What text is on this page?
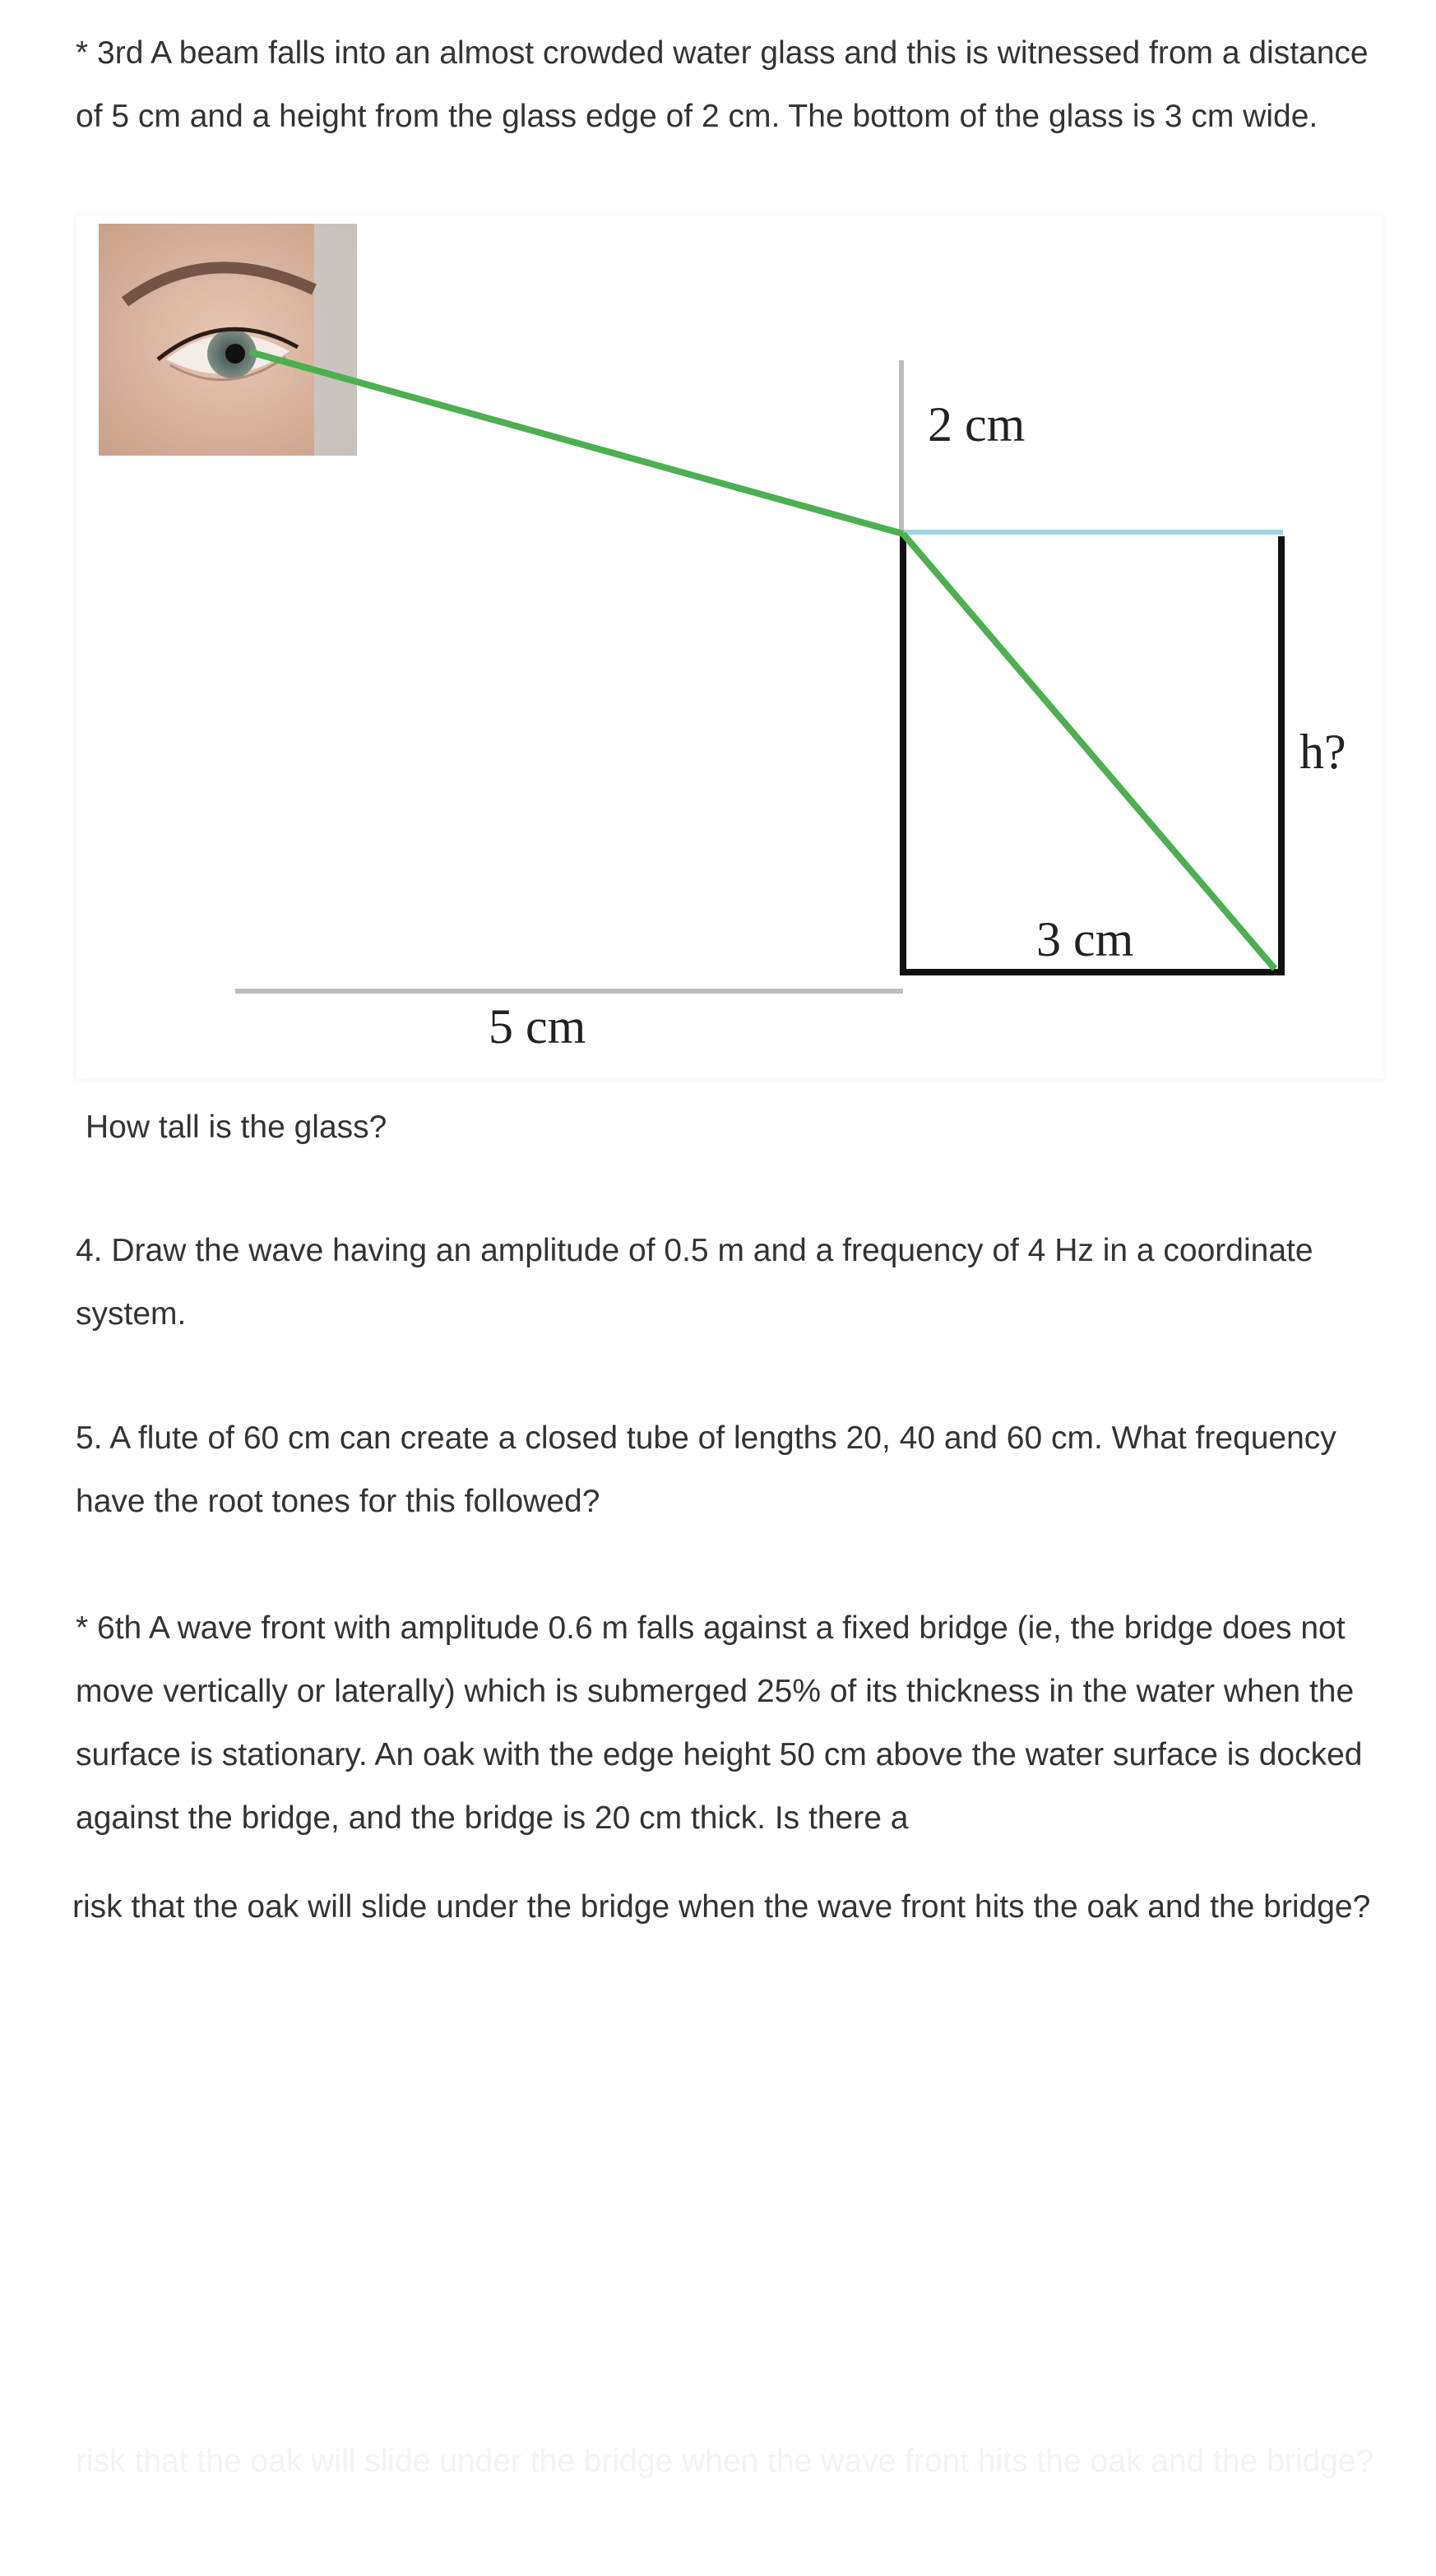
* 3rd A beam falls into an almost crowded water glass and this is witnessed from a distance of 5 cm and a height from the glass edge of 2 cm. The bottom of the glass is 3 cm wide.

2 cm
h?
3 cm
5 cm

How tall is the glass?

4. Draw the wave having an amplitude of 0.5 m and a frequency of 4 Hz in a coordinate system.

5. A flute of 60 cm can create a closed tube of lengths 20, 40 and 60 cm. What frequency have the root tones for this followed?

* 6th A wave front with amplitude 0.6 m falls against a fixed bridge (ie, the bridge does not move vertically or laterally) which is submerged 25% of its thickness in the water when the surface is stationary. An oak with the edge height 50 cm above the water surface is docked against the bridge, and the bridge is 20 cm thick. Is there a

risk that the oak will slide under the bridge when the wave front hits the oak and the bridge?

risk that the oak will slide under the bridge when the wave front hits the oak and the bridge?
